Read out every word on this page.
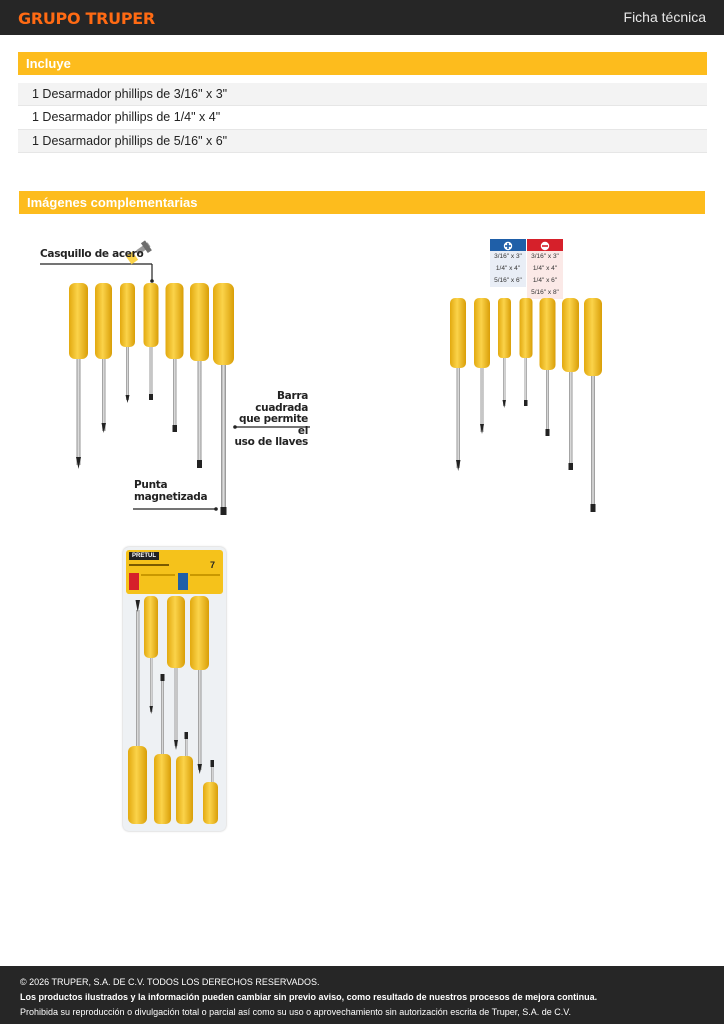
GRUPO TRUPER	Ficha técnica
Incluye
1 Desarmador phillips de 3/16" x 3"
1 Desarmador phillips de 1/4" x 4"
1 Desarmador phillips de 5/16" x 6"
Imágenes complementarias
Casquillo de acero
Barra cuadrada
que permite el
uso de llaves
Punta
magnetizada
3/16" x 3"
1/4" x 4"
5/16" x 6"
3/16" x 3"
1/4" x 4"
1/4" x 6"
5/16" x 8"
PRETUL
7
© 2026 TRUPER, S.A. DE C.V. TODOS LOS DERECHOS RESERVADOS.
Los productos ilustrados y la información pueden cambiar sin previo aviso, como resultado de nuestros procesos de mejora continua.
Prohibida su reproducción o divulgación total o parcial así como su uso o aprovechamiento sin autorización escrita de Truper, S.A. de C.V.
